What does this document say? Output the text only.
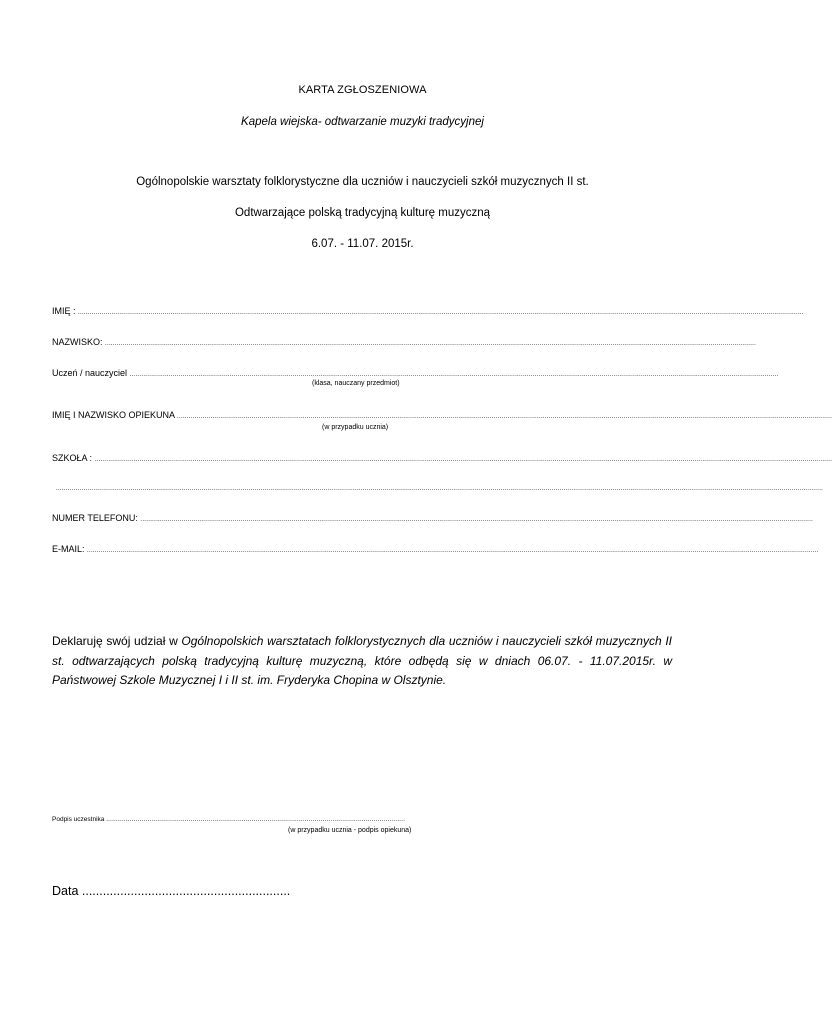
KARTA ZGŁOSZENIOWA
Kapela wiejska- odtwarzanie muzyki tradycyjnej
Ogólnopolskie warsztaty folklorystyczne dla uczniów i nauczycieli szkół muzycznych II st.
Odtwarzające polską tradycyjną kulturę muzyczną
6.07. - 11.07. 2015r.
IMIĘ : .................................................................................................................................................................................................................................................................................................................................................................................
NAZWISKO: ...........................................................................................................................................................................................................................................................................................................................................
Uczeń / nauczyciel ..........................................................................................................................................................................................................................................................................................................................................
(klasa, nauczany przedmiot)
IMIĘ I NAZWISKO OPIEKUNA .............................................................................................................................................................................................................................................................................................................................................
(w przypadku ucznia)
SZKOŁA : .......................................................................................................................................................................................................................................................................................................................................................................................
......................................................................................................................................................................................................................................................................................................................................................................................................
NUMER TELEFONU: ......................................................................................................................................................................................................................................................................................................................................................
E-MAIL: ....................................................................................................................................................................................................................................................................................................................................................................................
Deklaruję swój udział w Ogólnopolskich warsztatach folklorystycznych dla uczniów i nauczycieli szkół muzycznych II st. odtwarzających polską tradycyjną kulturę muzyczną, które odbędą się w dniach 06.07. - 11.07.2015r. w Państwowej Szkole Muzycznej I i II st. im. Fryderyka Chopina w Olsztynie.
Podpis uczestnika ........................................................................................................................................................
(w przypadku ucznia - podpis opiekuna)
Data ............................................................
